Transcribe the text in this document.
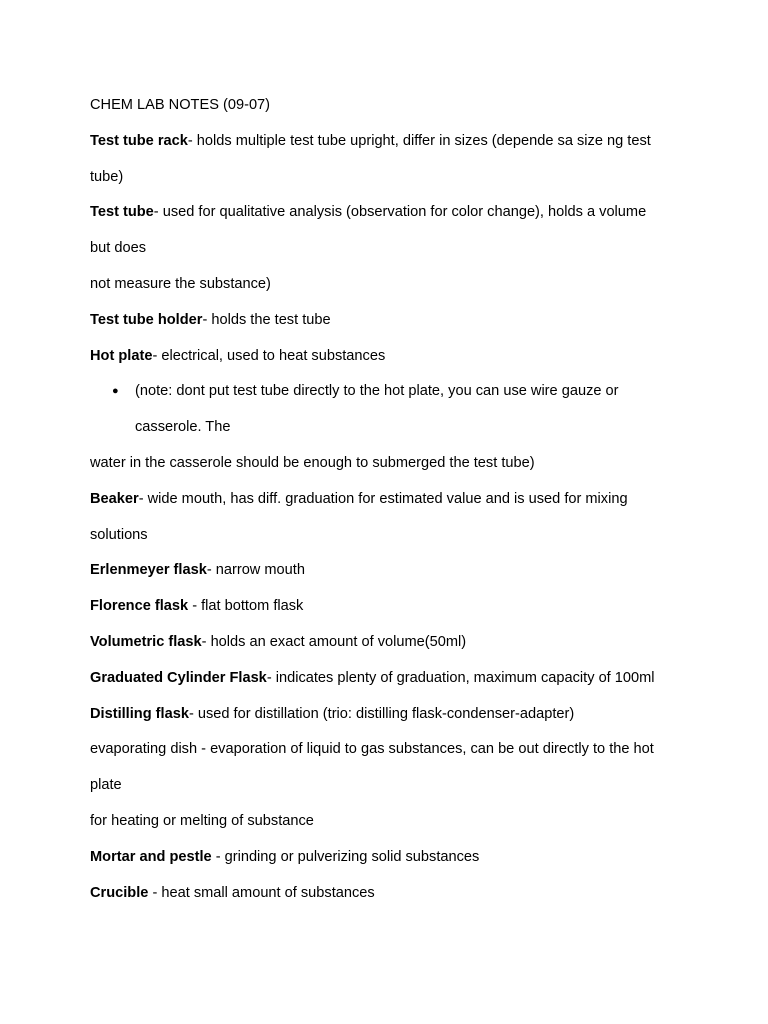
CHEM LAB NOTES (09-07)
Test tube rack- holds multiple test tube upright, differ in sizes (depende sa size ng test
tube)
Test tube- used for qualitative analysis (observation for color change), holds a volume
but does
not measure the substance)
Test tube holder- holds the test tube
Hot plate- electrical, used to heat substances
● (note: dont put test tube directly to the hot plate, you can use wire gauze or
casserole. The
water in the casserole should be enough to submerged the test tube)
Beaker- wide mouth, has diff. graduation for estimated value and is used for mixing
solutions
Erlenmeyer flask- narrow mouth
Florence flask - flat bottom flask
Volumetric flask- holds an exact amount of volume(50ml)
Graduated Cylinder Flask- indicates plenty of graduation, maximum capacity of 100ml
Distilling flask- used for distillation (trio: distilling flask-condenser-adapter)
evaporating dish - evaporation of liquid to gas substances, can be out directly to the hot
plate
for heating or melting of substance
Mortar and pestle - grinding or pulverizing solid substances
Crucible - heat small amount of substances
